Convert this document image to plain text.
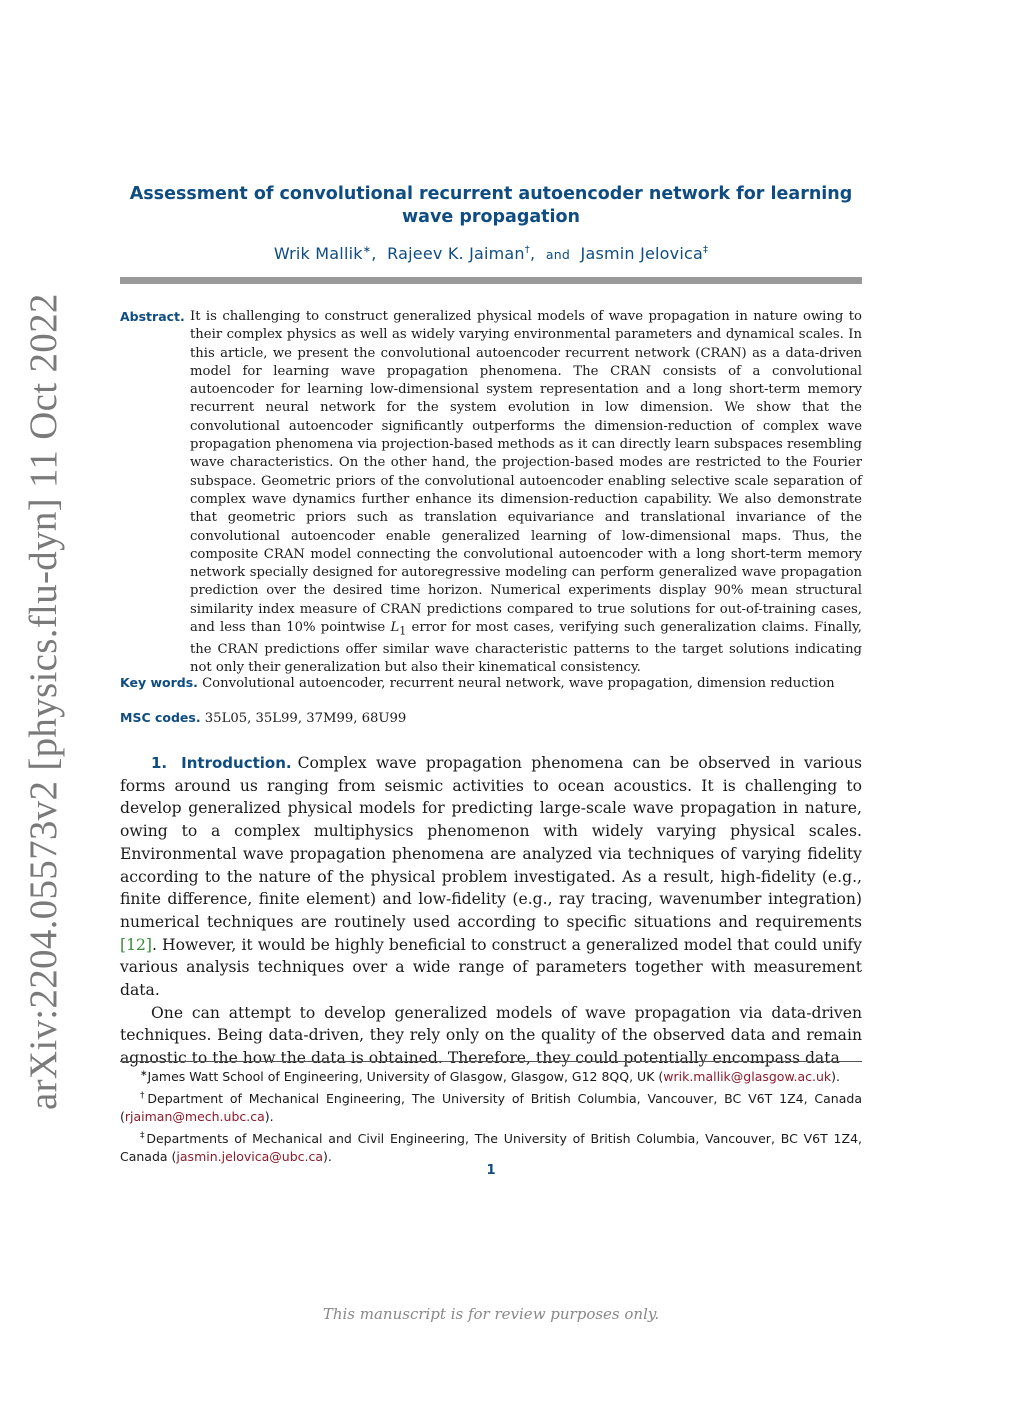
arXiv:2204.05573v2 [physics.flu-dyn] 11 Oct 2022
Assessment of convolutional recurrent autoencoder network for learning wave propagation
Wrik Mallik∗,  Rajeev K. Jaiman†,  and Jasmin Jelovica‡
Abstract. It is challenging to construct generalized physical models of wave propagation in nature owing to their complex physics as well as widely varying environmental parameters and dynamical scales. In this article, we present the convolutional autoencoder recurrent network (CRAN) as a data-driven model for learning wave propagation phenomena. The CRAN consists of a convolutional autoencoder for learning low-dimensional system representation and a long short-term memory recurrent neural network for the system evolution in low dimension. We show that the convolutional autoencoder significantly outperforms the dimension-reduction of complex wave propagation phenomena via projection-based methods as it can directly learn subspaces resembling wave characteristics. On the other hand, the projection-based modes are restricted to the Fourier subspace. Geometric priors of the convolutional autoencoder enabling selective scale separation of complex wave dynamics further enhance its dimension-reduction capability. We also demonstrate that geometric priors such as translation equivariance and translational invariance of the convolutional autoencoder enable generalized learning of low-dimensional maps. Thus, the composite CRAN model connecting the convolutional autoencoder with a long short-term memory network specially designed for autoregressive modeling can perform generalized wave propagation prediction over the desired time horizon. Numerical experiments display 90% mean structural similarity index measure of CRAN predictions compared to true solutions for out-of-training cases, and less than 10% pointwise $L_1$ error for most cases, verifying such generalization claims. Finally, the CRAN predictions offer similar wave characteristic patterns to the target solutions indicating not only their generalization but also their kinematical consistency.
Key words. Convolutional autoencoder, recurrent neural network, wave propagation, dimension reduction
MSC codes. 35L05, 35L99, 37M99, 68U99

1. Introduction. Complex wave propagation phenomena can be observed in various forms around us ranging from seismic activities to ocean acoustics. It is challenging to develop generalized physical models for predicting large-scale wave propagation in nature, owing to a complex multiphysics phenomenon with widely varying physical scales. Environmental wave propagation phenomena are analyzed via techniques of varying fidelity according to the nature of the physical problem investigated. As a result, high-fidelity (e.g., finite difference, finite element) and low-fidelity (e.g., ray tracing, wavenumber integration) numerical techniques are routinely used according to specific situations and requirements [12]. However, it would be highly beneficial to construct a generalized model that could unify various analysis techniques over a wide range of parameters together with measurement data.

One can attempt to develop generalized models of wave propagation via data-driven techniques. Being data-driven, they rely only on the quality of the observed data and remain agnostic to the how the data is obtained. Therefore, they could potentially encompass data

∗James Watt School of Engineering, University of Glasgow, Glasgow, G12 8QQ, UK (wrik.mallik@glasgow.ac.uk).

†Department of Mechanical Engineering, The University of British Columbia, Vancouver, BC V6T 1Z4, Canada (rjaiman@mech.ubc.ca).

‡Departments of Mechanical and Civil Engineering, The University of British Columbia, Vancouver, BC V6T 1Z4, Canada (jasmin.jelovica@ubc.ca).

1
This manuscript is for review purposes only.
